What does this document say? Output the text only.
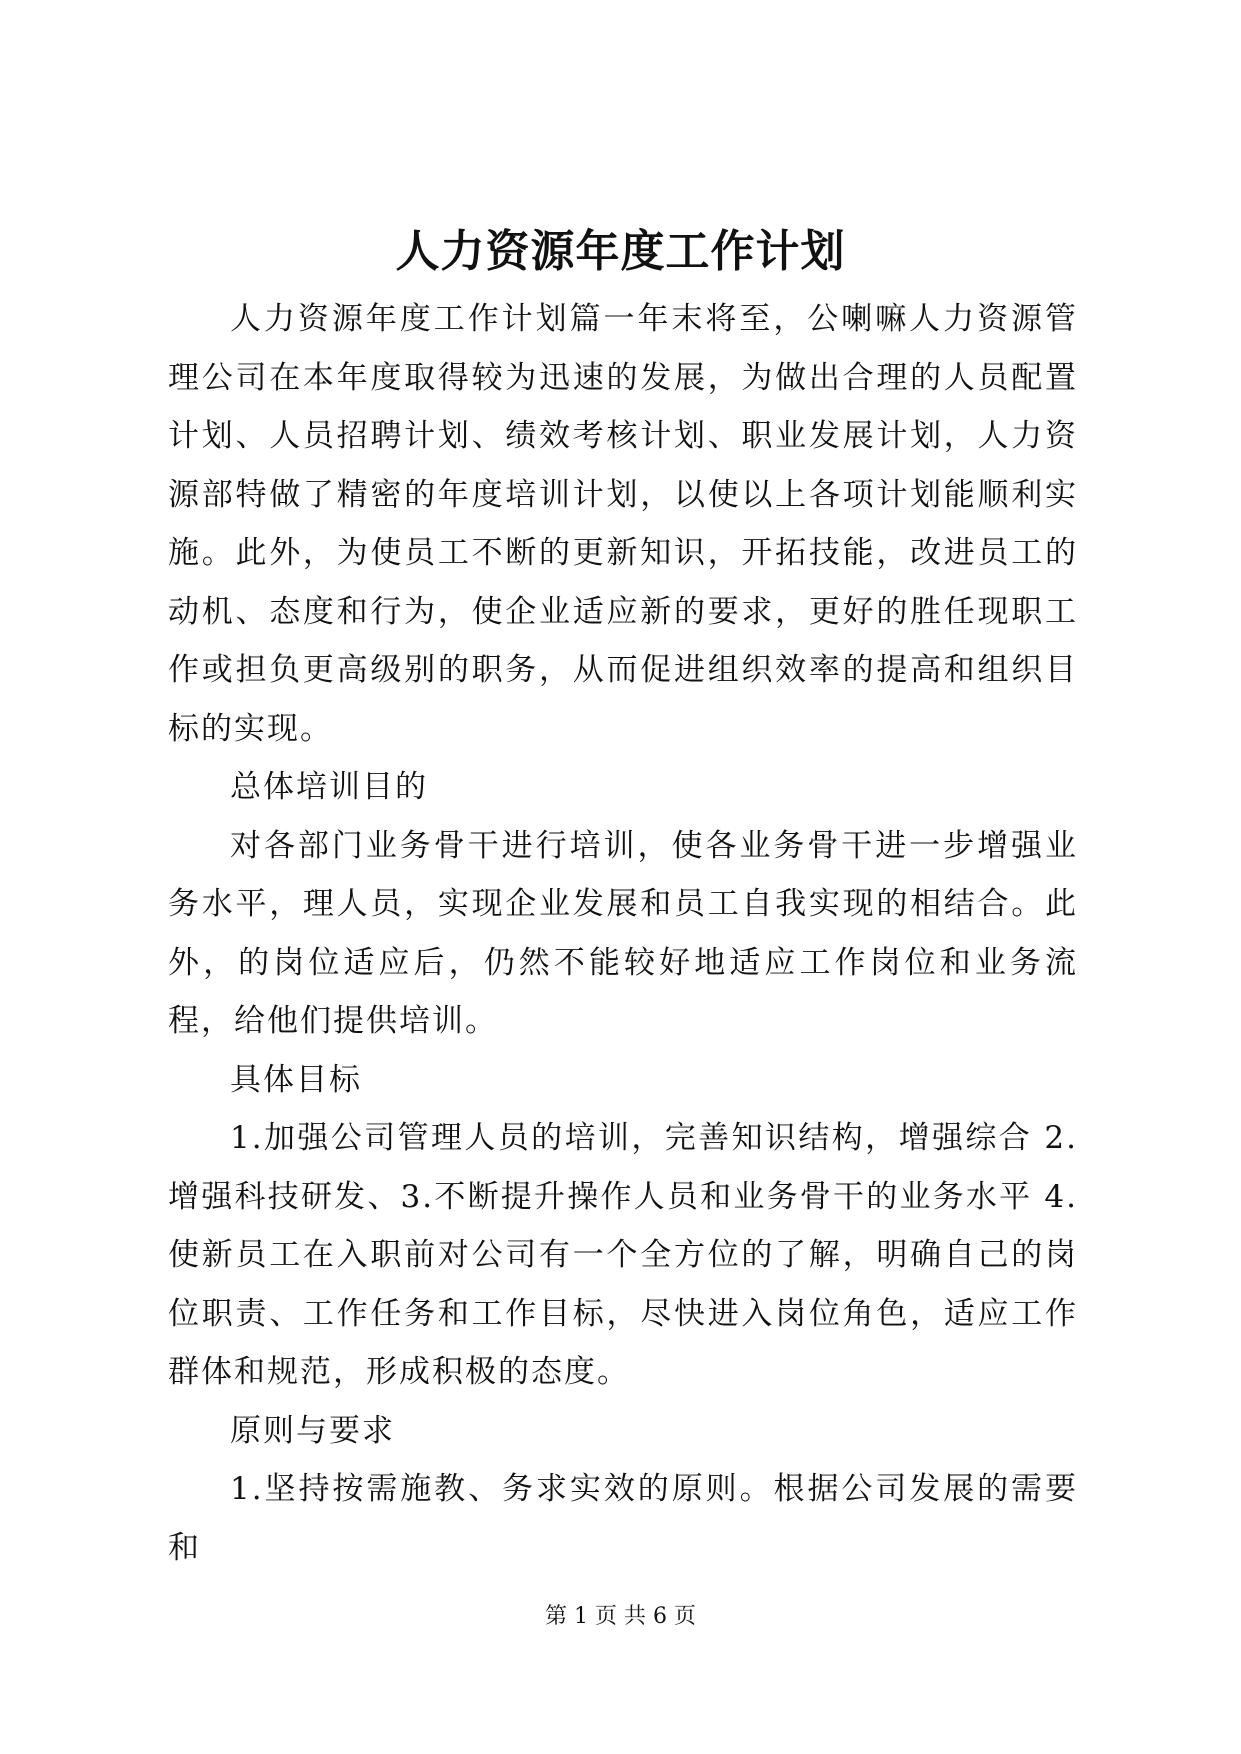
人力资源年度工作计划

人力资源年度工作计划篇一年末将至，公喇嘛人力资源管理公司在本年度取得较为迅速的发展，为做出合理的人员配置计划、人员招聘计划、绩效考核计划、职业发展计划，人力资源部特做了精密的年度培训计划，以使以上各项计划能顺利实施。此外，为使员工不断的更新知识，开拓技能，改进员工的动机、态度和行为，使企业适应新的要求，更好的胜任现职工作或担负更高级别的职务，从而促进组织效率的提高和组织目标的实现。

总体培训目的

对各部门业务骨干进行培训，使各业务骨干进一步增强业务水平，理人员，实现企业发展和员工自我实现的相结合。此外，的岗位适应后，仍然不能较好地适应工作岗位和业务流程，给他们提供培训。

具体目标

1.加强公司管理人员的培训，完善知识结构，增强综合 2.增强科技研发、3.不断提升操作人员和业务骨干的业务水平 4.使新员工在入职前对公司有一个全方位的了解，明确自己的岗位职责、工作任务和工作目标，尽快进入岗位角色，适应工作群体和规范，形成积极的态度。

原则与要求

1.坚持按需施教、务求实效的原则。根据公司发展的需要和

第 1 页 共 6 页
